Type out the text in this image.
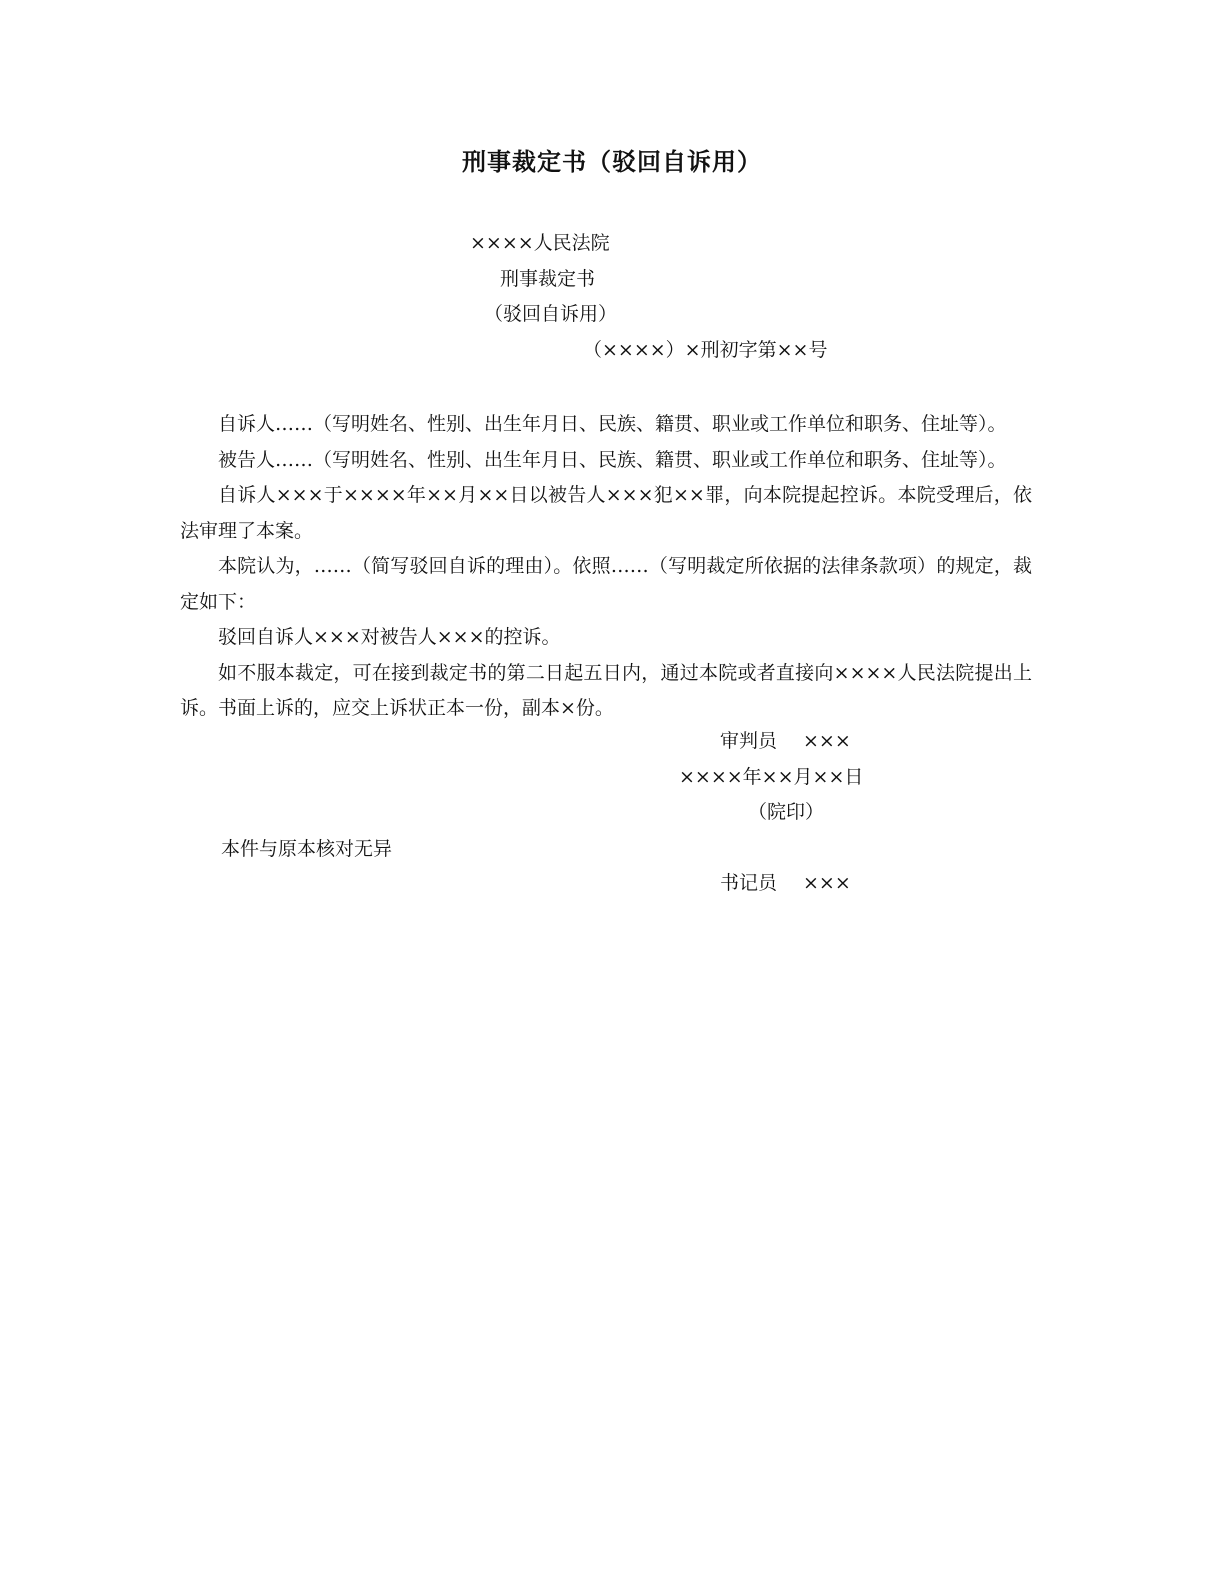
刑事裁定书（驳回自诉用）
××××人民法院
刑事裁定书
（驳回自诉用）
（××××）×刑初字第××号

自诉人……（写明姓名、性别、出生年月日、民族、籍贯、职业或工作单位和职务、住址等）。

被告人……（写明姓名、性别、出生年月日、民族、籍贯、职业或工作单位和职务、住址等）。

自诉人×××于××××年××月××日以被告人×××犯××罪，向本院提起控诉。本院受理后，依法审理了本案。

本院认为，……（简写驳回自诉的理由）。依照……（写明裁定所依据的法律条款项）的规定，裁定如下：

驳回自诉人×××对被告人×××的控诉。

如不服本裁定，可在接到裁定书的第二日起五日内，通过本院或者直接向××××人民法院提出上诉。书面上诉的，应交上诉状正本一份，副本×份。

审判员 ×××
××××年××月××日
（院印）
本件与原本核对无异
书记员 ×××
